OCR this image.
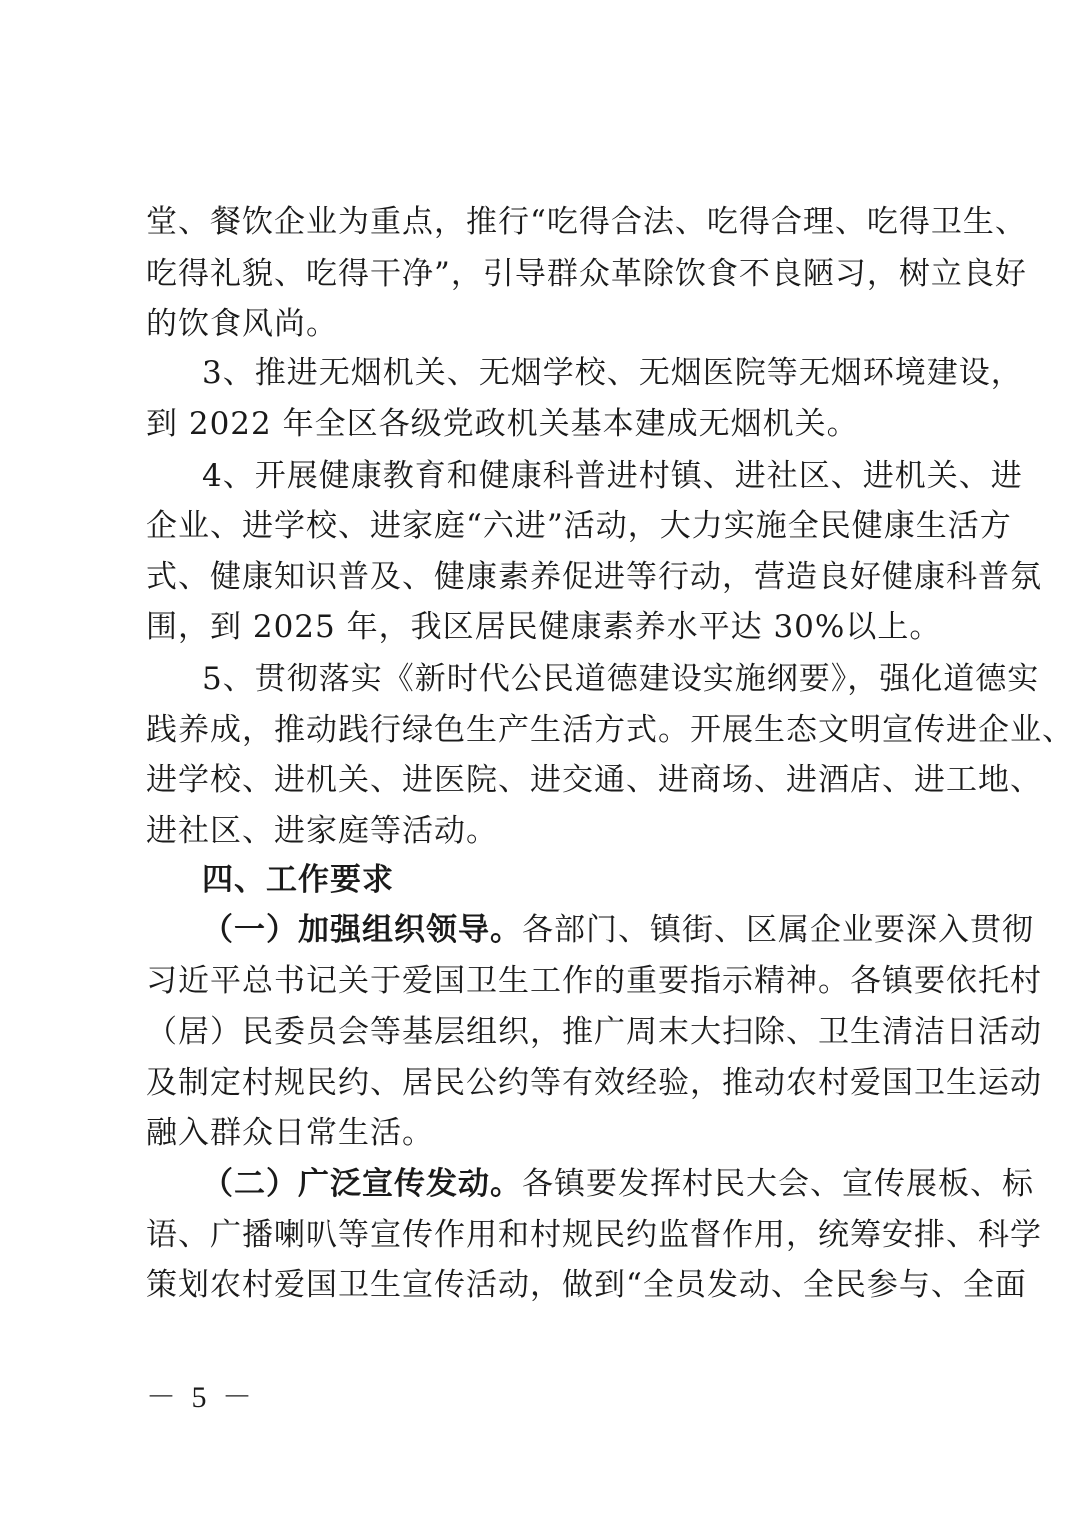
堂、餐饮企业为重点，推行“吃得合法、吃得合理、吃得卫生、
吃得礼貌、吃得干净”，引导群众革除饮食不良陋习，树立良好
的饮食风尚。
3、推进无烟机关、无烟学校、无烟医院等无烟环境建设，
到 2022 年全区各级党政机关基本建成无烟机关。
4、开展健康教育和健康科普进村镇、进社区、进机关、进
企业、进学校、进家庭“六进”活动，大力实施全民健康生活方
式、健康知识普及、健康素养促进等行动，营造良好健康科普氛
围，到 2025 年，我区居民健康素养水平达 30%以上。
5、贯彻落实《新时代公民道德建设实施纲要》，强化道德实
践养成，推动践行绿色生产生活方式。开展生态文明宣传进企业、
进学校、进机关、进医院、进交通、进商场、进酒店、进工地、
进社区、进家庭等活动。
四、工作要求
（一）加强组织领导。各部门、镇街、区属企业要深入贯彻
习近平总书记关于爱国卫生工作的重要指示精神。各镇要依托村
（居）民委员会等基层组织，推广周末大扫除、卫生清洁日活动
及制定村规民约、居民公约等有效经验，推动农村爱国卫生运动
融入群众日常生活。
（二）广泛宣传发动。各镇要发挥村民大会、宣传展板、标
语、广播喇叭等宣传作用和村规民约监督作用，统筹安排、科学
策划农村爱国卫生宣传活动，做到“全员发动、全民参与、全面
－ 5 －
